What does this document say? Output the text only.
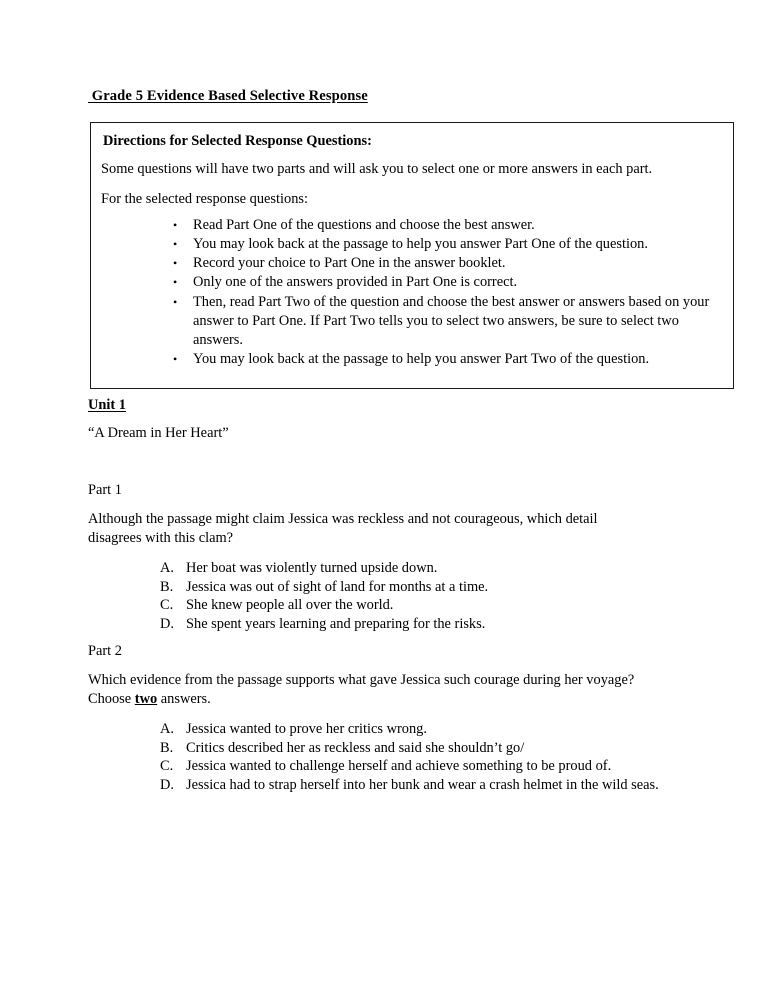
Grade 5 Evidence Based Selective Response
Directions for Selected Response Questions:
Some questions will have two parts and will ask you to select one or more answers in each part.
For the selected response questions:
• Read Part One of the questions and choose the best answer.
• You may look back at the passage to help you answer Part One of the question.
• Record your choice to Part One in the answer booklet.
• Only one of the answers provided in Part One is correct.
• Then, read Part Two of the question and choose the best answer or answers based on your answer to Part One. If Part Two tells you to select two answers, be sure to select two answers.
• You may look back at the passage to help you answer Part Two of the question.
Unit 1
“A Dream in Her Heart”
Part 1
Although the passage might claim Jessica was reckless and not courageous, which detail disagrees with this clam?
A. Her boat was violently turned upside down.
B. Jessica was out of sight of land for months at a time.
C. She knew people all over the world.
D. She spent years learning and preparing for the risks.
Part 2
Which evidence from the passage supports what gave Jessica such courage during her voyage? Choose two answers.
A. Jessica wanted to prove her critics wrong.
B. Critics described her as reckless and said she shouldn’t go/
C. Jessica wanted to challenge herself and achieve something to be proud of.
D. Jessica had to strap herself into her bunk and wear a crash helmet in the wild seas.
